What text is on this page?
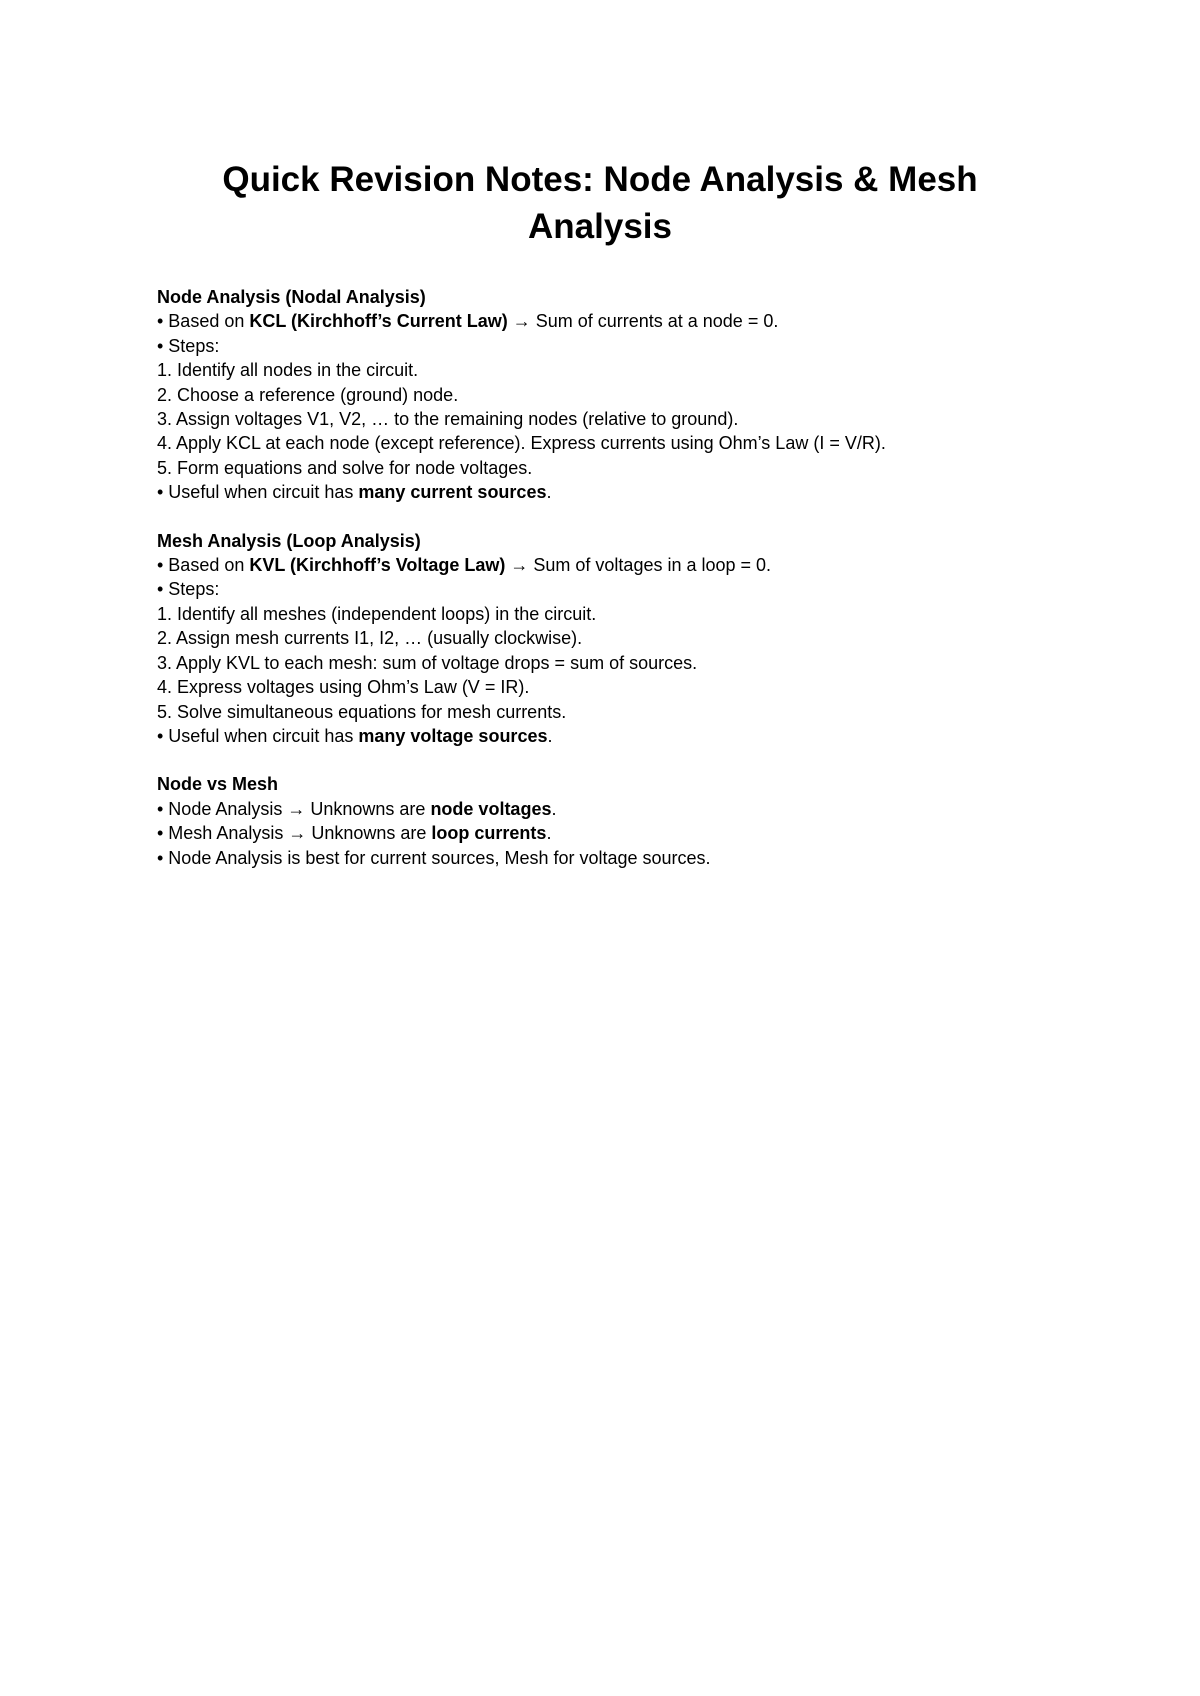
Quick Revision Notes: Node Analysis & Mesh Analysis

Node Analysis (Nodal Analysis)

• Based on KCL (Kirchhoff’s Current Law) → Sum of currents at a node = 0.

• Steps:

1. Identify all nodes in the circuit.

2. Choose a reference (ground) node.

3. Assign voltages V1, V2, … to the remaining nodes (relative to ground).

4. Apply KCL at each node (except reference). Express currents using Ohm’s Law (I = V/R).

5. Form equations and solve for node voltages.

• Useful when circuit has many current sources.

Mesh Analysis (Loop Analysis)

• Based on KVL (Kirchhoff’s Voltage Law) → Sum of voltages in a loop = 0.

• Steps:

1. Identify all meshes (independent loops) in the circuit.

2. Assign mesh currents I1, I2, … (usually clockwise).

3. Apply KVL to each mesh: sum of voltage drops = sum of sources.

4. Express voltages using Ohm’s Law (V = IR).

5. Solve simultaneous equations for mesh currents.

• Useful when circuit has many voltage sources.

Node vs Mesh

• Node Analysis → Unknowns are node voltages.

• Mesh Analysis → Unknowns are loop currents.

• Node Analysis is best for current sources, Mesh for voltage sources.
